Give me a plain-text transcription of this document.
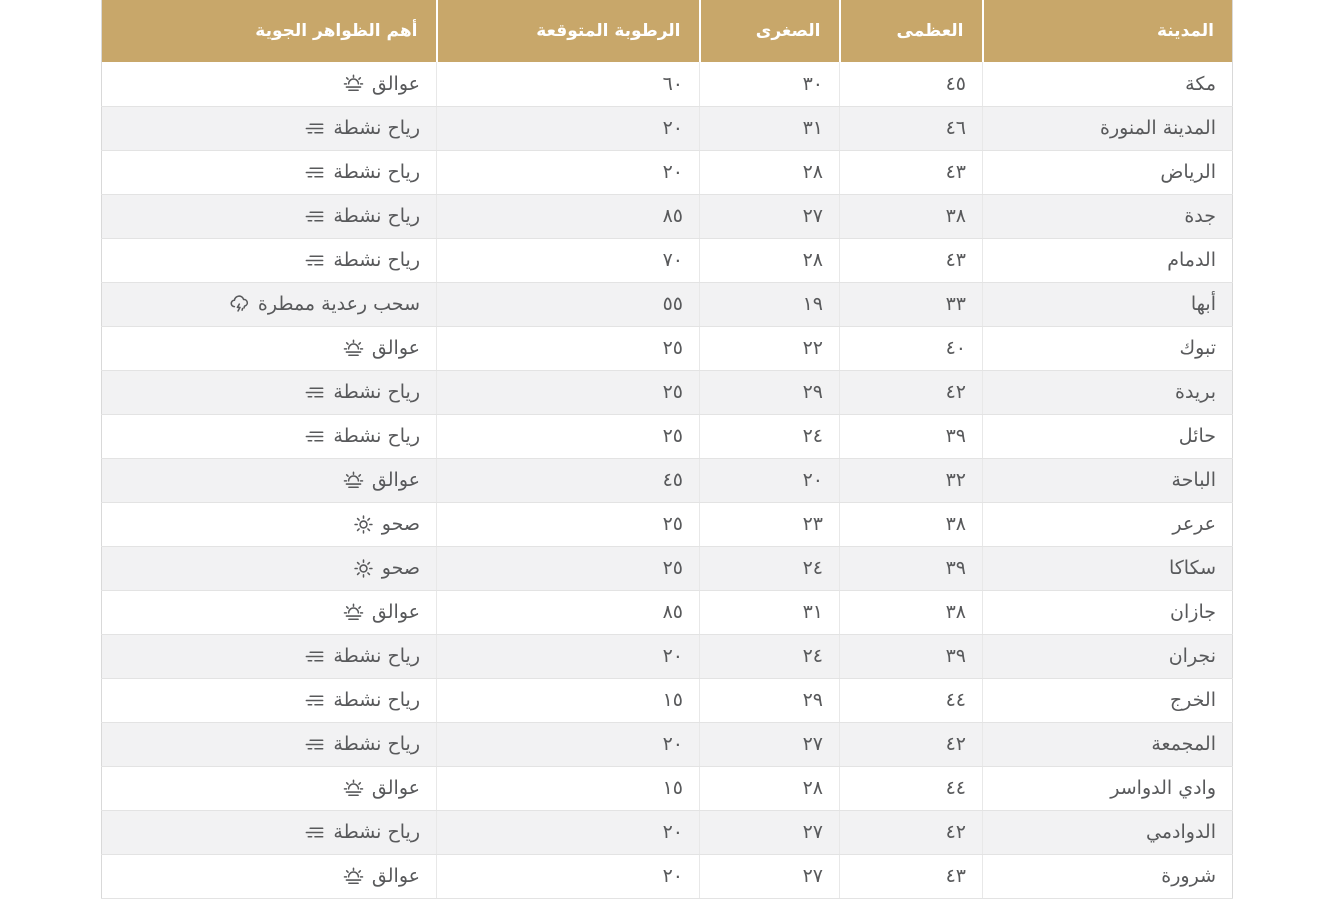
المدينة	العظمى	الصغرى	الرطوبة المتوقعة	أهم الظواهر الجوية
مكة	٤٥	٣٠	٦٠	عوالق

المدينة المنورة	٤٦	٣١	٢٠	رياح نشطة

الرياض	٤٣	٢٨	٢٠	رياح نشطة

جدة	٣٨	٢٧	٨٥	رياح نشطة

الدمام	٤٣	٢٨	٧٠	رياح نشطة

أبها	٣٣	١٩	٥٥	سحب رعدية ممطرة

تبوك	٤٠	٢٢	٢٥	عوالق

بريدة	٤٢	٢٩	٢٥	رياح نشطة

حائل	٣٩	٢٤	٢٥	رياح نشطة

الباحة	٣٢	٢٠	٤٥	عوالق

عرعر	٣٨	٢٣	٢٥	صحو

سكاكا	٣٩	٢٤	٢٥	صحو

جازان	٣٨	٣١	٨٥	عوالق

نجران	٣٩	٢٤	٢٠	رياح نشطة

الخرج	٤٤	٢٩	١٥	رياح نشطة

المجمعة	٤٢	٢٧	٢٠	رياح نشطة

وادي الدواسر	٤٤	٢٨	١٥	عوالق

الدوادمي	٤٢	٢٧	٢٠	رياح نشطة

شرورة	٤٣	٢٧	٢٠	عوالق
